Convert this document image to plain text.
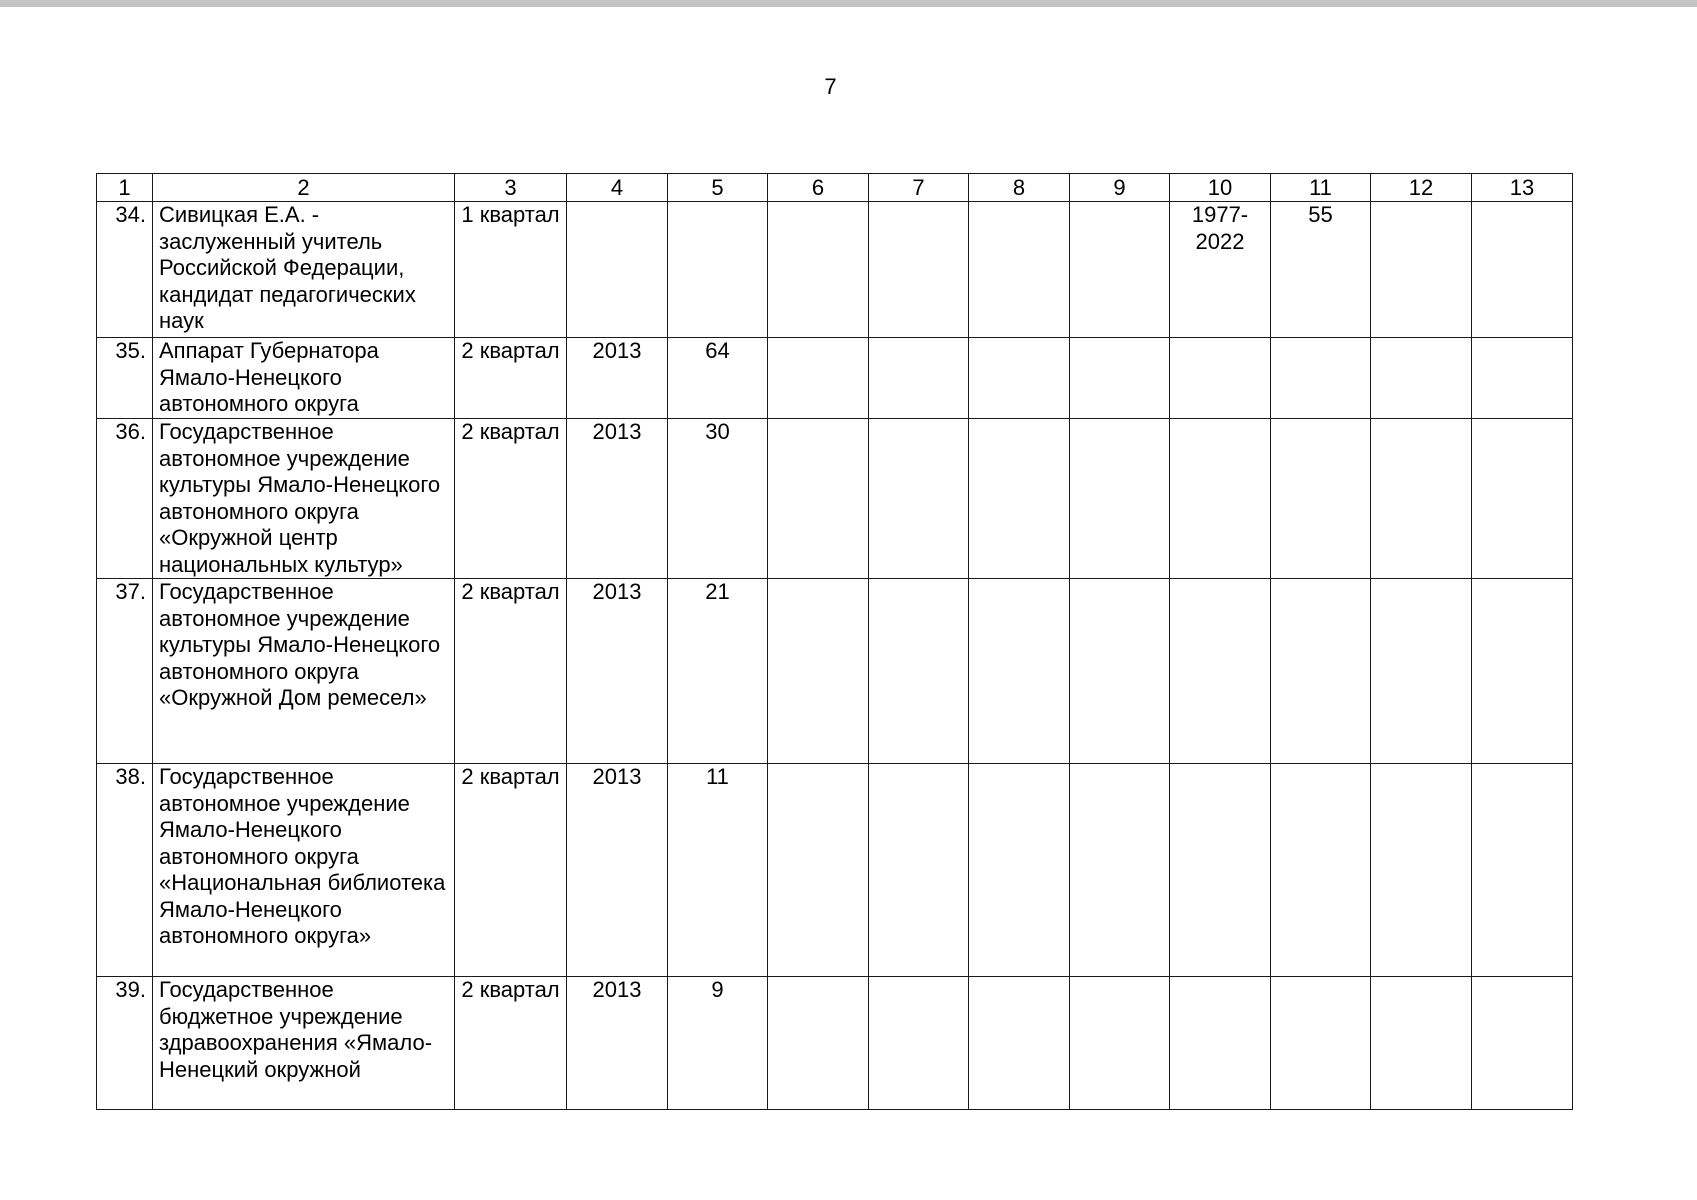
7
1	2	3	4	5	6	7	8	9	10	11	12	13
34.	Сивицкая Е.А. - заслуженный учитель Российской Федерации, кандидат педагогических наук	1 квартал							1977-2022	55		
35.	Аппарат Губернатора Ямало-Ненецкого автономного округа	2 квартал	2013	64								
36.	Государственное автономное учреждение культуры Ямало-Ненецкого автономного округа «Окружной центр национальных культур»	2 квартал	2013	30								
37.	Государственное автономное учреждение культуры Ямало-Ненецкого автономного округа «Окружной Дом ремесел»	2 квартал	2013	21								
38.	Государственное автономное учреждение Ямало-Ненецкого автономного округа «Национальная библиотека Ямало-Ненецкого автономного округа»	2 квартал	2013	11								
39.	Государственное бюджетное учреждение здравоохранения «Ямало-Ненецкий окружной	2 квартал	2013	9								
